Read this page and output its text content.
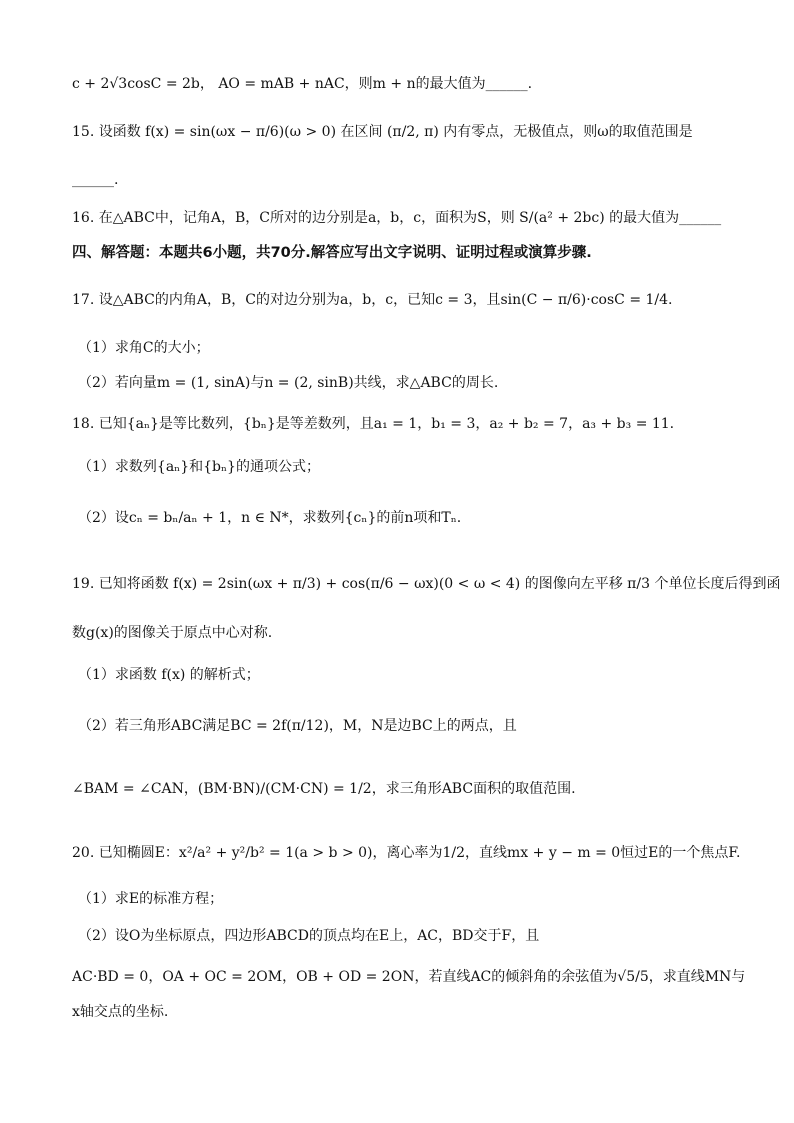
c + 2√3cosC = 2b， AO = mAB + nAC，则m + n的最大值为______.
15. 设函数 f(x) = sin(ωx − π/6)(ω > 0) 在区间 (π/2, π) 内有零点，无极值点，则ω的取值范围是
______.
16. 在△ABC中，记角A，B，C所对的边分别是a，b，c，面积为S，则 S/(a² + 2bc) 的最大值为______
四、解答题：本题共6小题，共70分.解答应写出文字说明、证明过程或演算步骤.
17. 设△ABC的内角A，B，C的对边分别为a，b，c，已知c = 3，且sin(C − π/6)·cosC = 1/4.
（1）求角C的大小；
（2）若向量m = (1, sinA)与n = (2, sinB)共线，求△ABC的周长.
18. 已知{aₙ}是等比数列，{bₙ}是等差数列，且a₁ = 1，b₁ = 3，a₂ + b₂ = 7，a₃ + b₃ = 11.
（1）求数列{aₙ}和{bₙ}的通项公式；
（2）设cₙ = bₙ/aₙ + 1，n ∈ N*，求数列{cₙ}的前n项和Tₙ.
19. 已知将函数 f(x) = 2sin(ωx + π/3) + cos(π/6 − ωx)(0 < ω < 4) 的图像向左平移 π/3 个单位长度后得到函
数g(x)的图像关于原点中心对称.
（1）求函数 f(x) 的解析式；
（2）若三角形ABC满足BC = 2f(π/12)，M，N是边BC上的两点，且
∠BAM = ∠CAN，(BM·BN)/(CM·CN) = 1/2，求三角形ABC面积的取值范围.
20. 已知椭圆E：x²/a² + y²/b² = 1(a > b > 0)，离心率为1/2，直线mx + y − m = 0恒过E的一个焦点F.
（1）求E的标准方程；
（2）设O为坐标原点，四边形ABCD的顶点均在E上，AC，BD交于F，且
AC·BD = 0，OA + OC = 2OM，OB + OD = 2ON，若直线AC的倾斜角的余弦值为√5/5，求直线MN与
x轴交点的坐标.
